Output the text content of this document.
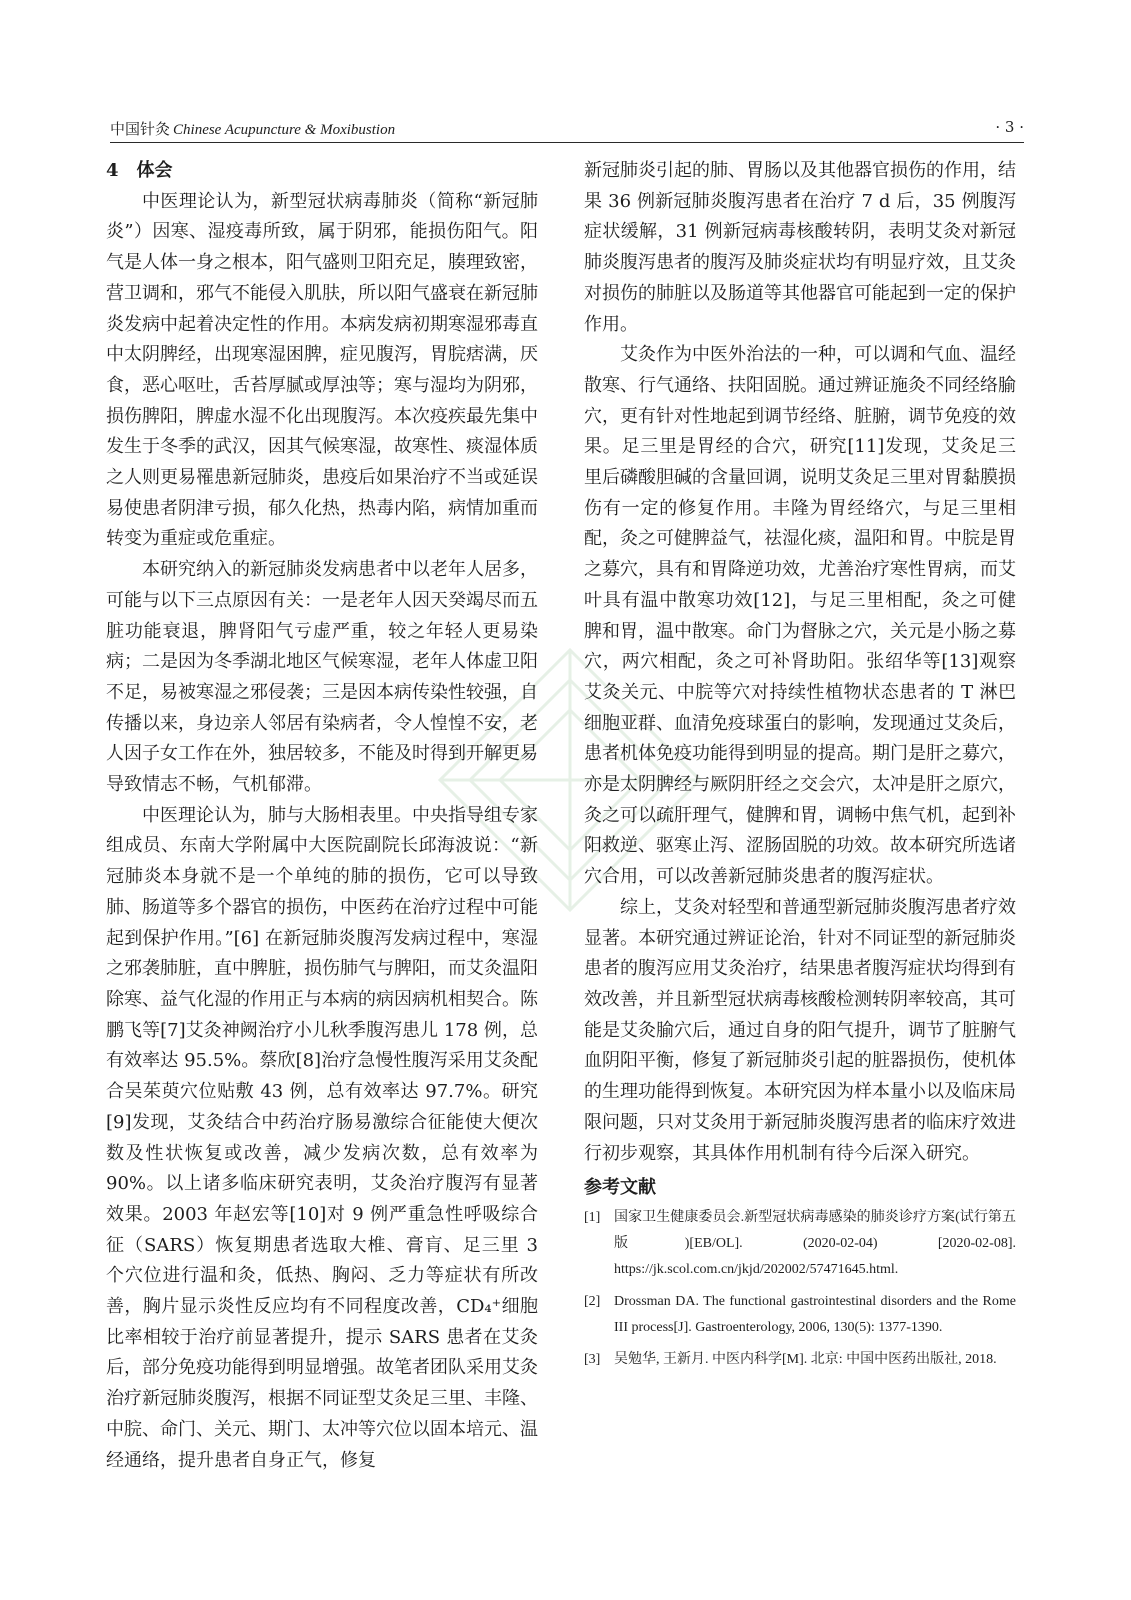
中国针灸 Chinese Acupuncture & Moxibustion	· 3 ·
4　体会

中医理论认为，新型冠状病毒肺炎（简称“新冠肺炎”）因寒、湿疫毒所致，属于阴邪，能损伤阳气。阳气是人体一身之根本，阳气盛则卫阳充足，腠理致密，营卫调和，邪气不能侵入肌肤，所以阳气盛衰在新冠肺炎发病中起着决定性的作用。本病发病初期寒湿邪毒直中太阴脾经，出现寒湿困脾，症见腹泻，胃脘痞满，厌食，恶心呕吐，舌苔厚腻或厚浊等；寒与湿均为阴邪，损伤脾阳，脾虚水湿不化出现腹泻。本次疫疾最先集中发生于冬季的武汉，因其气候寒湿，故寒性、痰湿体质之人则更易罹患新冠肺炎，患疫后如果治疗不当或延误易使患者阴津亏损，郁久化热，热毒内陷，病情加重而转变为重症或危重症。

本研究纳入的新冠肺炎发病患者中以老年人居多，可能与以下三点原因有关：一是老年人因天癸竭尽而五脏功能衰退，脾肾阳气亏虚严重，较之年轻人更易染病；二是因为冬季湖北地区气候寒湿，老年人体虚卫阳不足，易被寒湿之邪侵袭；三是因本病传染性较强，自传播以来，身边亲人邻居有染病者，令人惶惶不安，老人因子女工作在外，独居较多，不能及时得到开解更易导致情志不畅，气机郁滞。

中医理论认为，肺与大肠相表里。中央指导组专家组成员、东南大学附属中大医院副院长邱海波说：“新冠肺炎本身就不是一个单纯的肺的损伤，它可以导致肺、肠道等多个器官的损伤，中医药在治疗过程中可能起到保护作用。”[6] 在新冠肺炎腹泻发病过程中，寒湿之邪袭肺脏，直中脾脏，损伤肺气与脾阳，而艾灸温阳除寒、益气化湿的作用正与本病的病因病机相契合。陈鹏飞等[7]艾灸神阙治疗小儿秋季腹泻患儿 178 例，总有效率达 95.5%。蔡欣[8]治疗急慢性腹泻采用艾灸配合吴茱萸穴位贴敷 43 例，总有效率达 97.7%。研究[9]发现，艾灸结合中药治疗肠易激综合征能使大便次数及性状恢复或改善，减少发病次数，总有效率为 90%。以上诸多临床研究表明，艾灸治疗腹泻有显著效果。2003 年赵宏等[10]对 9 例严重急性呼吸综合征（SARS）恢复期患者选取大椎、膏肓、足三里 3 个穴位进行温和灸，低热、胸闷、乏力等症状有所改善，胸片显示炎性反应均有不同程度改善，CD₄⁺细胞比率相较于治疗前显著提升，提示 SARS 患者在艾灸后，部分免疫功能得到明显增强。故笔者团队采用艾灸治疗新冠肺炎腹泻，根据不同证型艾灸足三里、丰隆、中脘、命门、关元、期门、太冲等穴位以固本培元、温经通络，提升患者自身正气，修复

新冠肺炎引起的肺、胃肠以及其他器官损伤的作用，结果 36 例新冠肺炎腹泻患者在治疗 7 d 后，35 例腹泻症状缓解，31 例新冠病毒核酸转阴，表明艾灸对新冠肺炎腹泻患者的腹泻及肺炎症状均有明显疗效，且艾灸对损伤的肺脏以及肠道等其他器官可能起到一定的保护作用。

艾灸作为中医外治法的一种，可以调和气血、温经散寒、行气通络、扶阳固脱。通过辨证施灸不同经络腧穴，更有针对性地起到调节经络、脏腑，调节免疫的效果。足三里是胃经的合穴，研究[11]发现，艾灸足三里后磷酸胆碱的含量回调，说明艾灸足三里对胃黏膜损伤有一定的修复作用。丰隆为胃经络穴，与足三里相配，灸之可健脾益气，祛湿化痰，温阳和胃。中脘是胃之募穴，具有和胃降逆功效，尤善治疗寒性胃病，而艾叶具有温中散寒功效[12]，与足三里相配，灸之可健脾和胃，温中散寒。命门为督脉之穴，关元是小肠之募穴，两穴相配，灸之可补肾助阳。张绍华等[13]观察艾灸关元、中脘等穴对持续性植物状态患者的 T 淋巴细胞亚群、血清免疫球蛋白的影响，发现通过艾灸后，患者机体免疫功能得到明显的提高。期门是肝之募穴，亦是太阴脾经与厥阴肝经之交会穴，太冲是肝之原穴，灸之可以疏肝理气，健脾和胃，调畅中焦气机，起到补阳救逆、驱寒止泻、涩肠固脱的功效。故本研究所选诸穴合用，可以改善新冠肺炎患者的腹泻症状。

综上，艾灸对轻型和普通型新冠肺炎腹泻患者疗效显著。本研究通过辨证论治，针对不同证型的新冠肺炎患者的腹泻应用艾灸治疗，结果患者腹泻症状均得到有效改善，并且新型冠状病毒核酸检测转阴率较高，其可能是艾灸腧穴后，通过自身的阳气提升，调节了脏腑气血阴阳平衡，修复了新冠肺炎引起的脏器损伤，使机体的生理功能得到恢复。本研究因为样本量小以及临床局限问题，只对艾灸用于新冠肺炎腹泻患者的临床疗效进行初步观察，其具体作用机制有待今后深入研究。

参考文献
[1] 国家卫生健康委员会.新型冠状病毒感染的肺炎诊疗方案(试行第五版)[EB/OL]. (2020-02-04) [2020-02-08]. https://jk.scol.com.cn/jkjd/202002/57471645.html.
[2] Drossman DA. The functional gastrointestinal disorders and the Rome III process[J]. Gastroenterology, 2006, 130(5): 1377-1390.
[3] 吴勉华, 王新月. 中医内科学[M]. 北京: 中国中医药出版社, 2018.
